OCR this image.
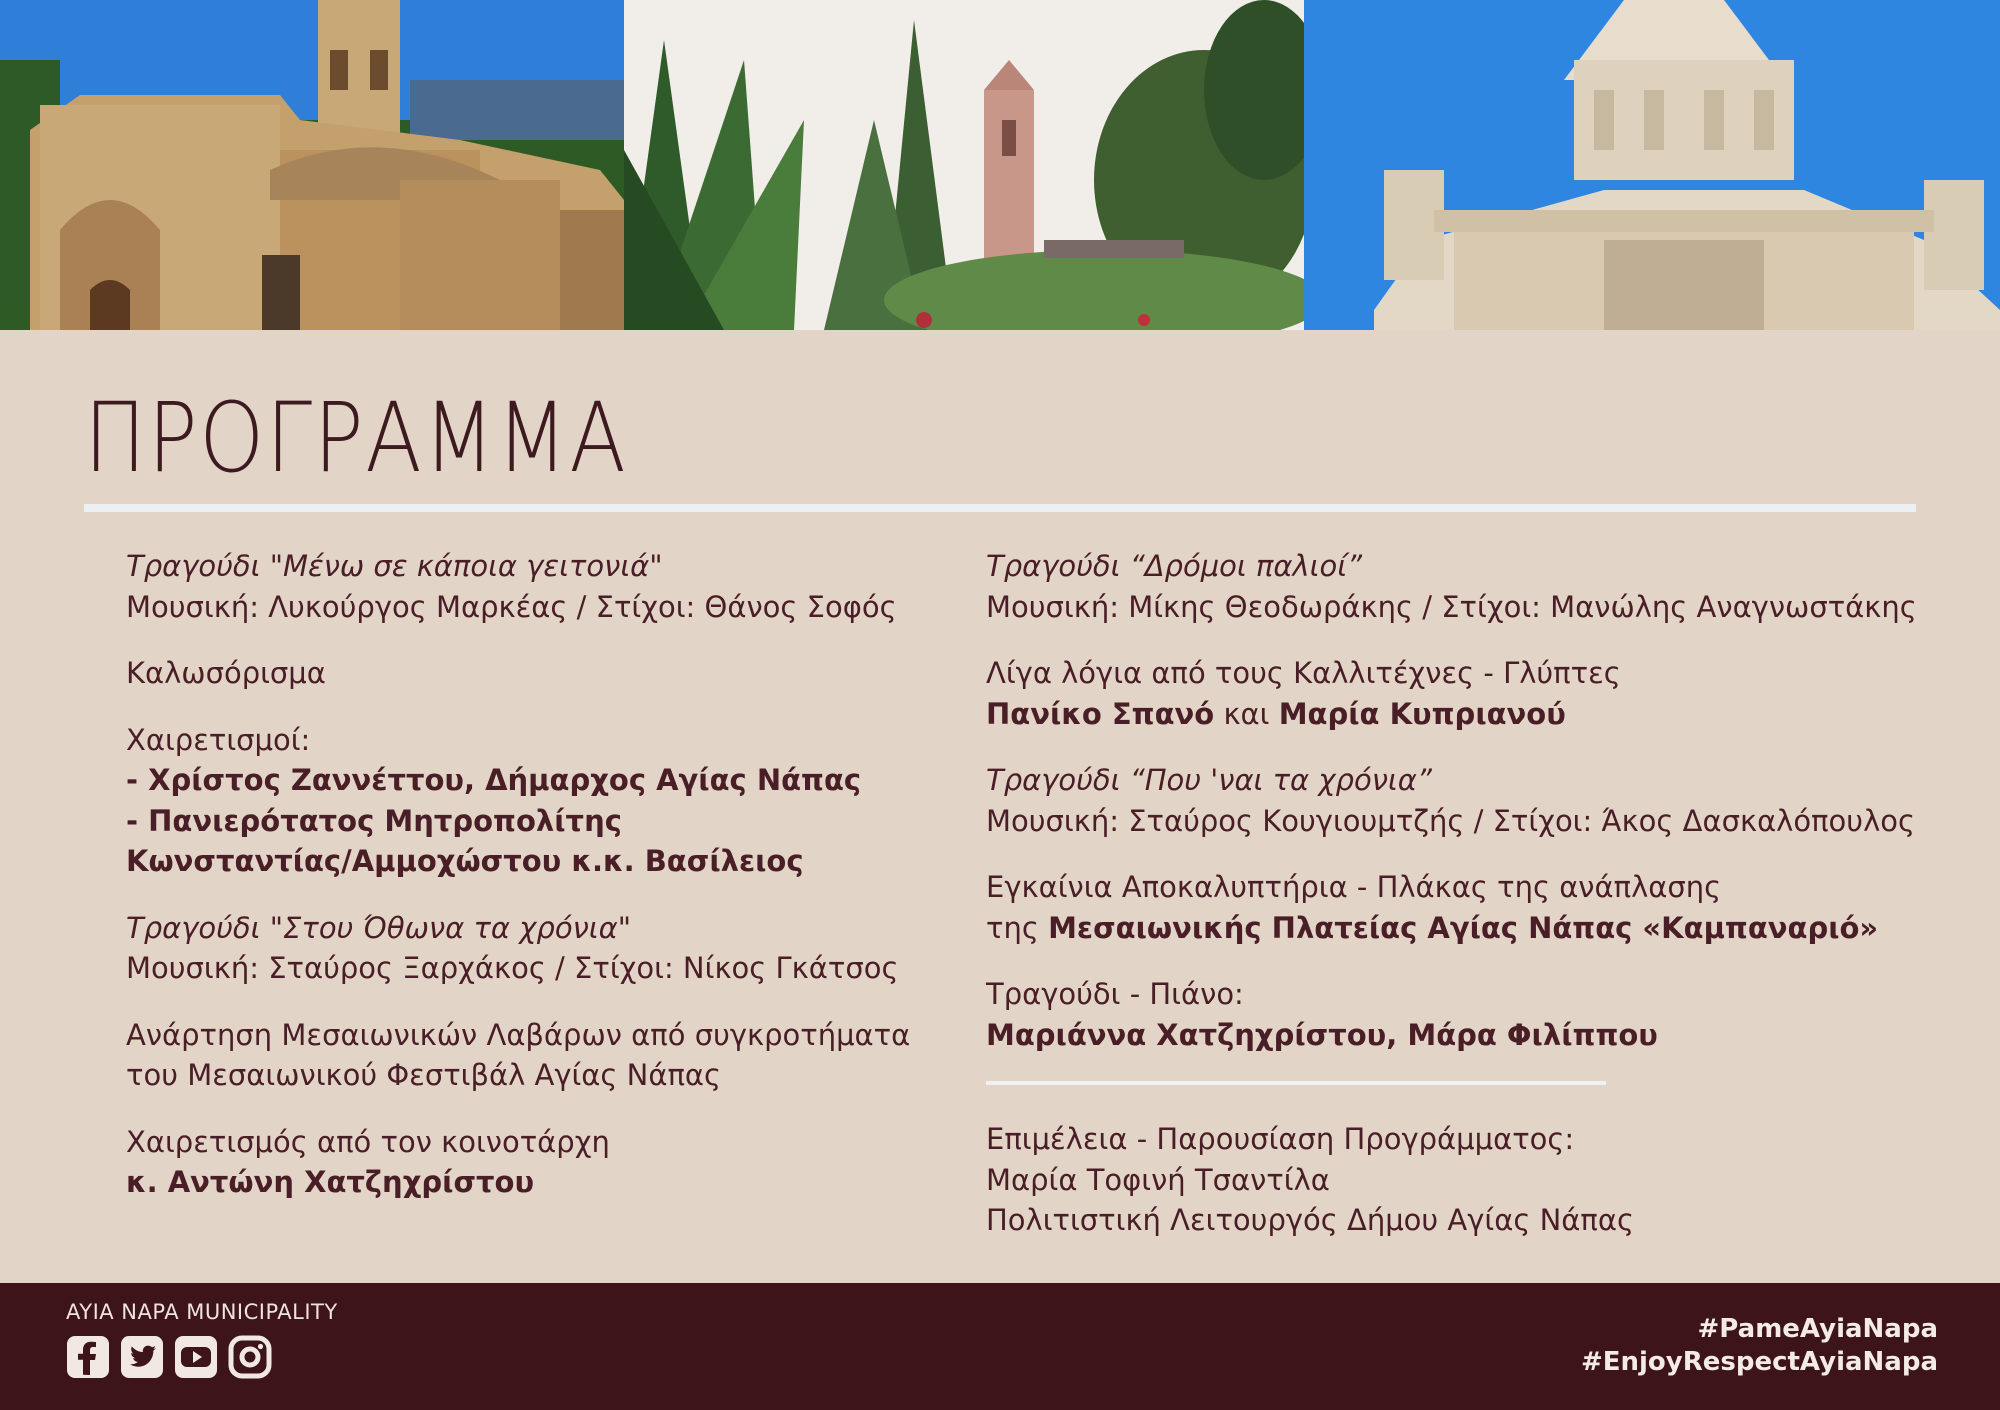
ΠΡΟΓΡΑΜΜΑ
Τραγούδι "Μένω σε κάποια γειτονιά"
Μουσική: Λυκούργος Μαρκέας / Στίχοι: Θάνος Σοφός
Καλωσόρισμα
Χαιρετισμοί:
- Χρίστος Ζαννέττου, Δήμαρχος Αγίας Νάπας
- Πανιερότατος Μητροπολίτης
Κωνσταντίας/Αμμοχώστου κ.κ. Βασίλειος
Τραγούδι "Στου Όθωνα τα χρόνια"
Μουσική: Σταύρος Ξαρχάκος / Στίχοι: Νίκος Γκάτσος
Ανάρτηση Μεσαιωνικών Λαβάρων από συγκροτήματα
του Μεσαιωνικού Φεστιβάλ Αγίας Νάπας
Χαιρετισμός από τον κοινοτάρχη
κ. Αντώνη Χατζηχρίστου
Τραγούδι “Δρόμοι παλιοί”
Μουσική: Μίκης Θεοδωράκης / Στίχοι: Μανώλης Αναγνωστάκης
Λίγα λόγια από τους Καλλιτέχνες - Γλύπτες
Πανίκο Σπανό και Μαρία Κυπριανού
Τραγούδι “Που 'ναι τα χρόνια”
Μουσική: Σταύρος Κουγιουμτζής / Στίχοι: Άκος Δασκαλόπουλος
Εγκαίνια Αποκαλυπτήρια - Πλάκας της ανάπλασης
της Μεσαιωνικής Πλατείας Αγίας Νάπας «Καμπαναριό»
Τραγούδι - Πιάνο:
Μαριάννα Χατζηχρίστου, Μάρα Φιλίππου
Επιμέλεια - Παρουσίαση Προγράμματος:
Μαρία Τοφινή Τσαντίλα
Πολιτιστική Λειτουργός Δήμου Αγίας Νάπας
AYIA NAPA MUNICIPALITY
#PameAyiaNapa
#EnjoyRespectAyiaNapa
